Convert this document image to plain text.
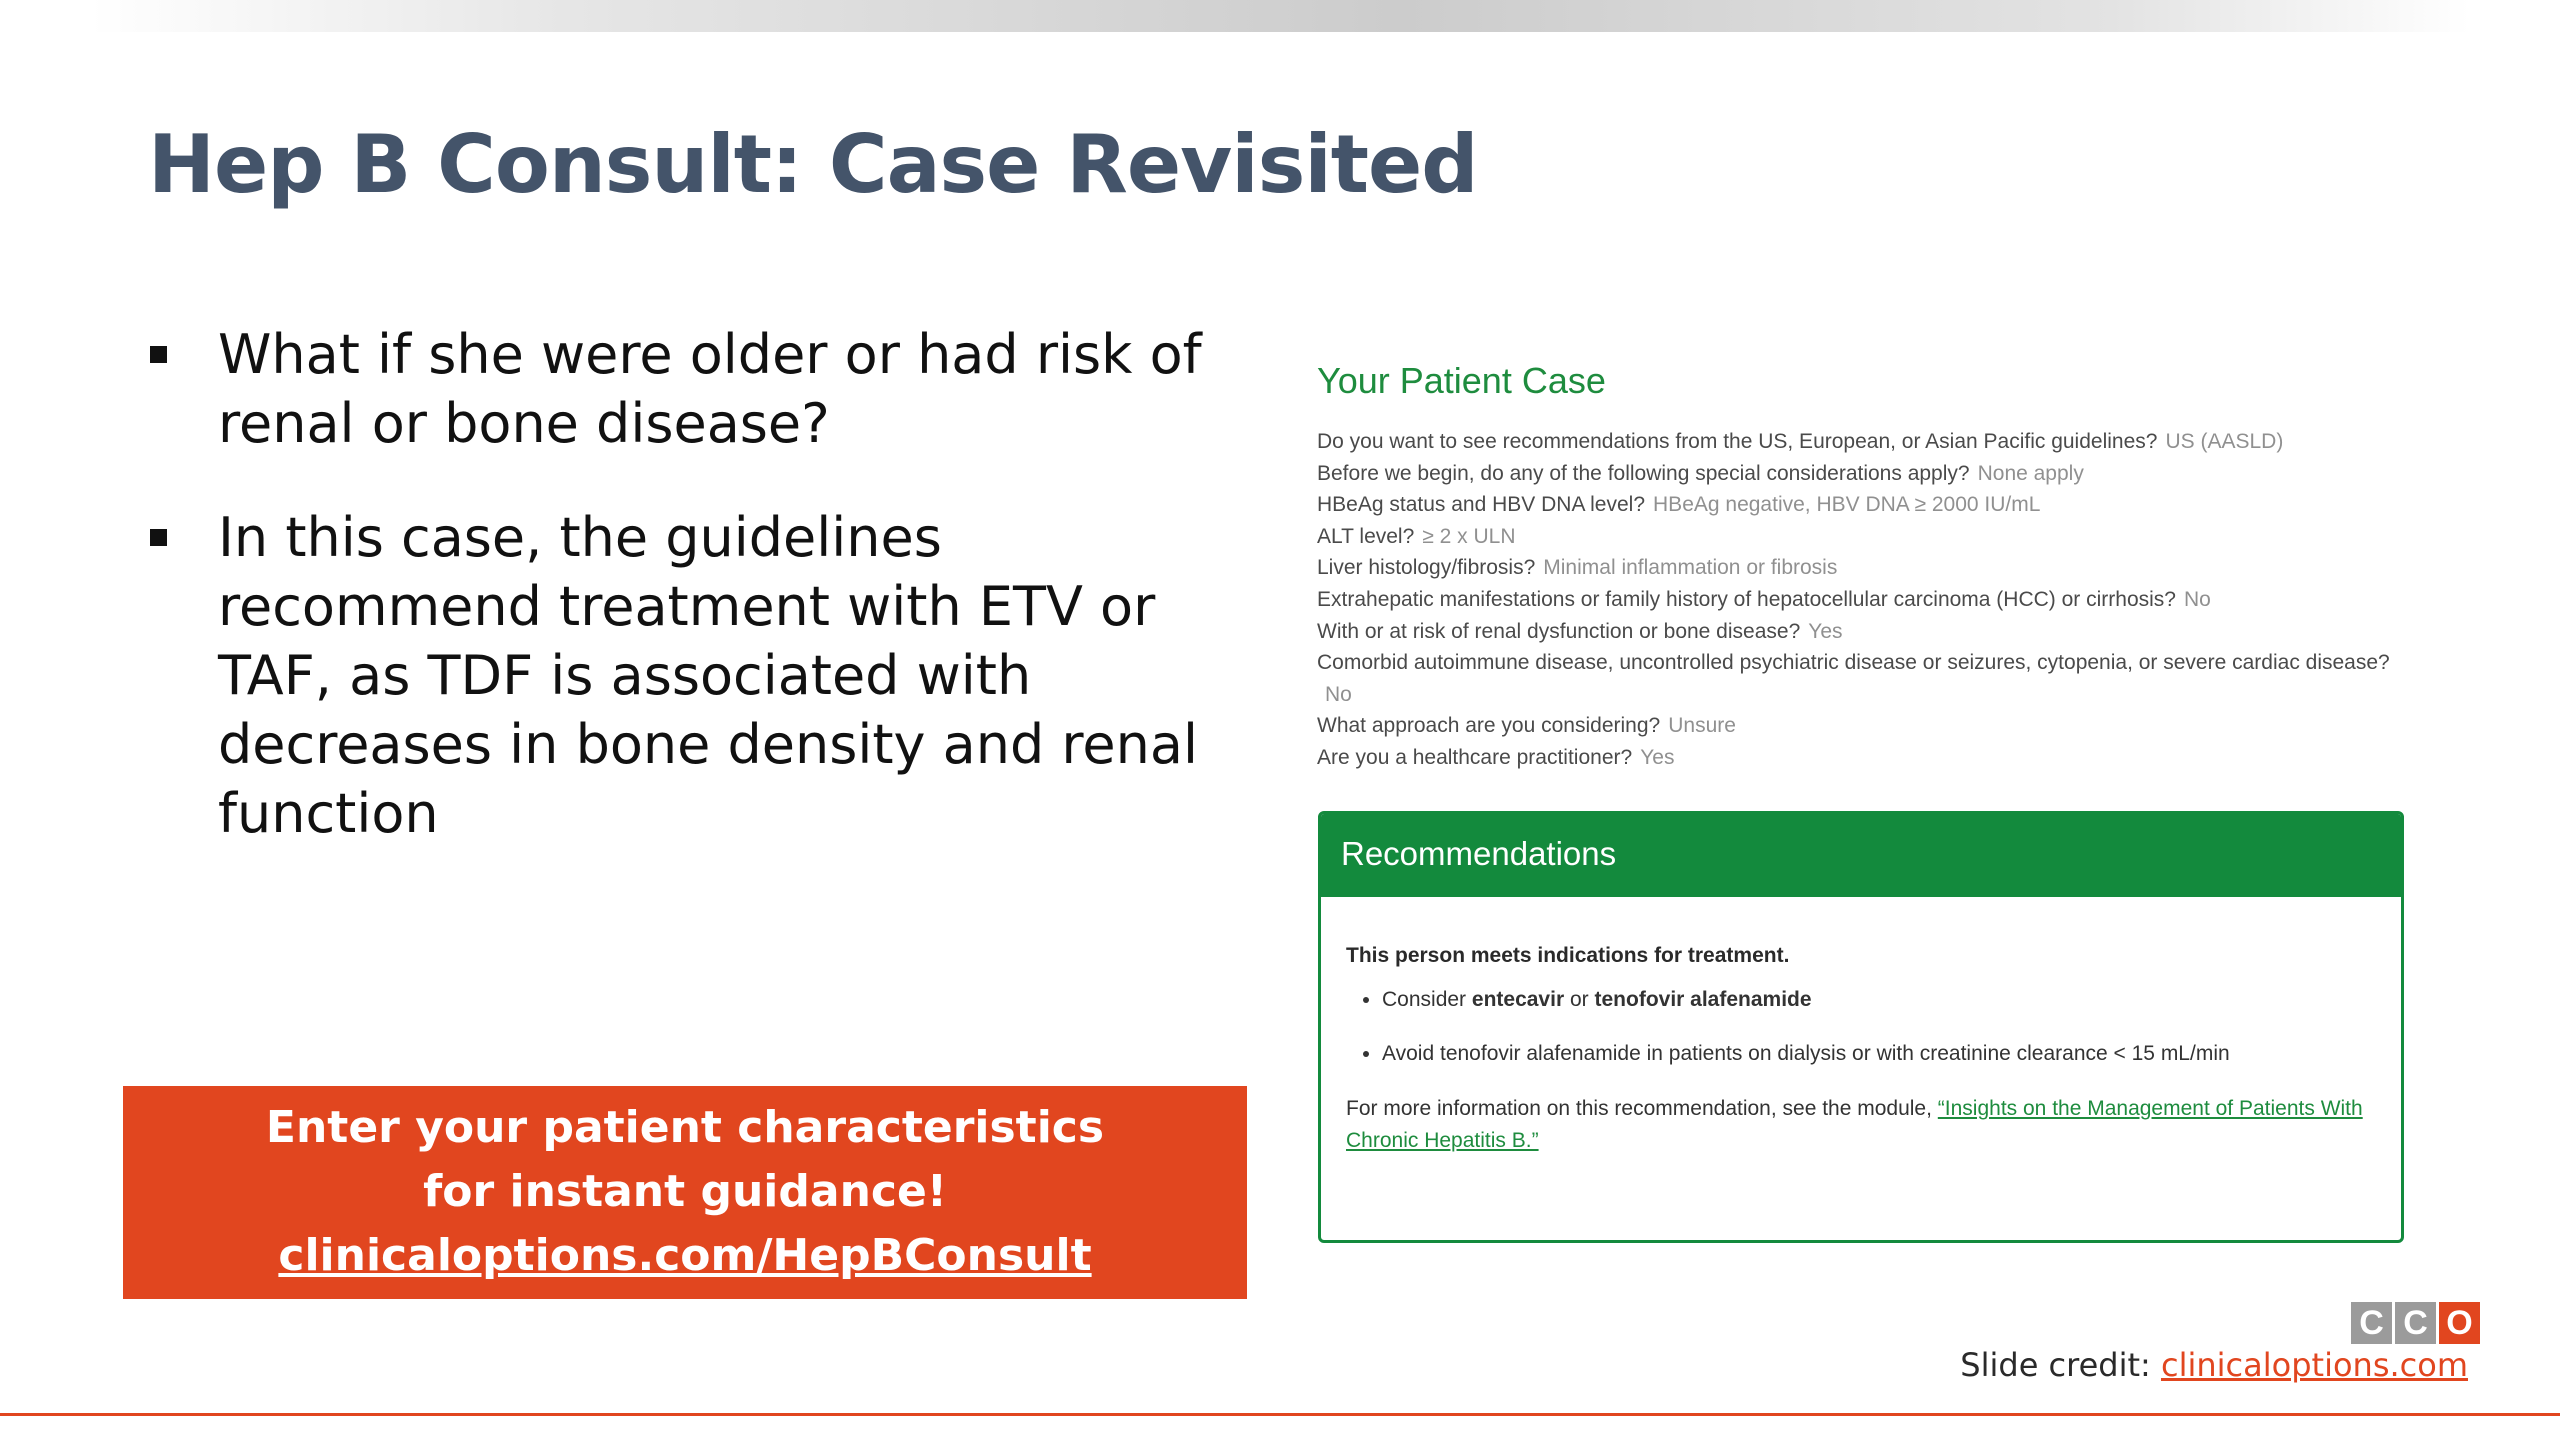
Hep B Consult: Case Revisited
What if she were older or had risk of renal or bone disease?
In this case, the guidelines recommend treatment with ETV or TAF, as TDF is associated with decreases in bone density and renal function
Enter your patient characteristics
for instant guidance!
clinicaloptions.com/HepBConsult
Your Patient Case
Do you want to see recommendations from the US, European, or Asian Pacific guidelines? US (AASLD)
Before we begin, do any of the following special considerations apply? None apply
HBeAg status and HBV DNA level? HBeAg negative, HBV DNA ≥ 2000 IU/mL
ALT level? ≥ 2 x ULN
Liver histology/fibrosis? Minimal inflammation or fibrosis
Extrahepatic manifestations or family history of hepatocellular carcinoma (HCC) or cirrhosis? No
With or at risk of renal dysfunction or bone disease? Yes
Comorbid autoimmune disease, uncontrolled psychiatric disease or seizures, cytopenia, or severe cardiac disease?No
What approach are you considering? Unsure
Are you a healthcare practitioner? Yes
Recommendations

This person meets indications for treatment.

• Consider entecavir or tenofovir alafenamide
• Avoid tenofovir alafenamide in patients on dialysis or with creatinine clearance < 15 mL/min

For more information on this recommendation, see the module, “Insights on the Management of Patients With Chronic Hepatitis B.”

C C O
Slide credit: clinicaloptions.com
